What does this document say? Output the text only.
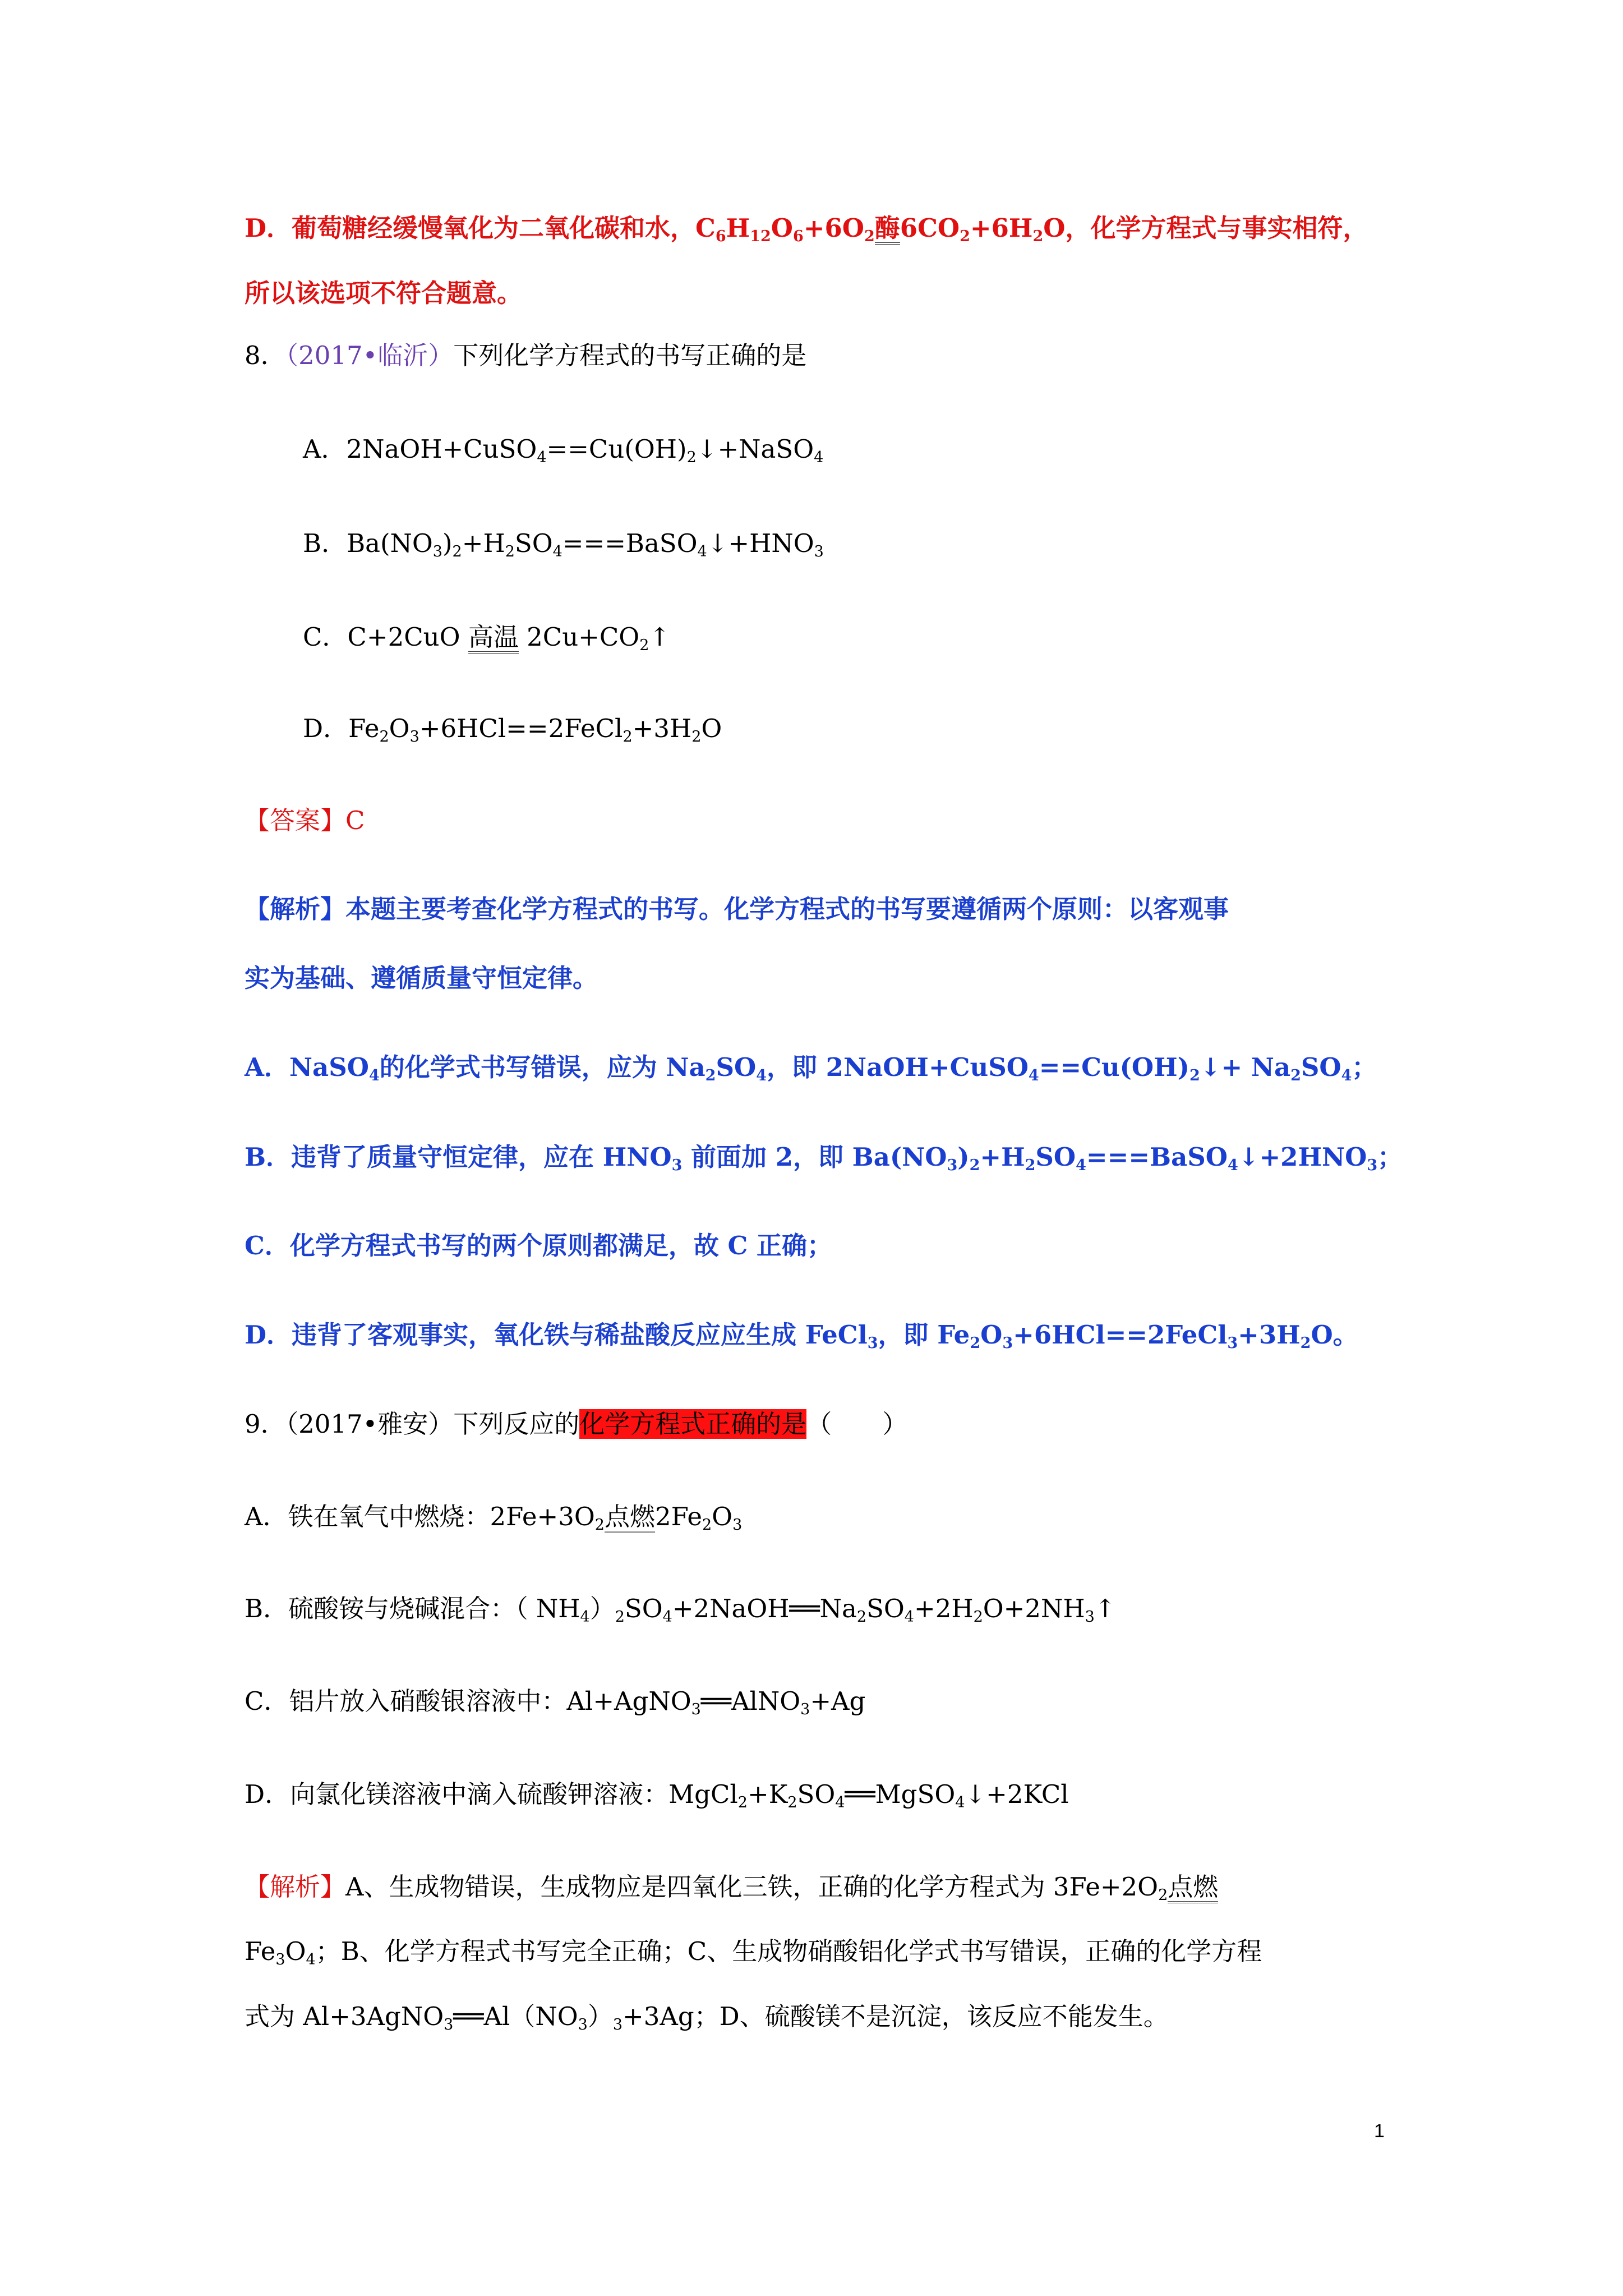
D．葡萄糖经缓慢氧化为二氧化碳和水，$C_6H_{12}O_6+6O_2$酶$6CO_2+6H_2O$，化学方程式与事实相符，
所以该选项不符合题意。
8．（2017•临沂）下列化学方程式的书写正确的是
A．$2NaOH+CuSO_4==Cu(OH)_2↓+NaSO_4$
B．$Ba(NO_3)_2+H_2SO_4===BaSO_4↓+HNO_3$
C．C+2CuO 高温 $2Cu+CO_2↑$
D．$Fe_2O_3+6HCl==2FeCl_2+3H_2O$
【答案】C
【解析】本题主要考查化学方程式的书写。化学方程式的书写要遵循两个原则：以客观事
实为基础、遵循质量守恒定律。
A．NaSO$_4$的化学式书写错误，应为 $Na_2SO_4$，即 $2NaOH+CuSO_4==Cu(OH)_2↓+ Na_2SO_4$；
B．违背了质量守恒定律，应在 $HNO_3$ 前面加 2，即 $Ba(NO_3)_2+H_2SO_4===BaSO_4↓+2HNO_3$；
C．化学方程式书写的两个原则都满足，故 C 正确；
D．违背了客观事实，氧化铁与稀盐酸反应应生成 FeCl$_3$，即 $Fe_2O_3+6HCl==2FeCl_3+3H_2O$。
9．（2017•雅安）下列反应的化学方程式正确的是（　　）
A．铁在氧气中燃烧：$2Fe+3O_2$点燃$2Fe_2O_3$
B．硫酸铵与烧碱混合：（ $NH_4)_2SO_4+2NaOH══Na_2SO_4+2H_2O+2NH_3↑$
C．铝片放入硝酸银溶液中：Al+AgNO$_3$══AlNO$_3$+Ag
D．向氯化镁溶液中滴入硫酸钾溶液：$MgCl_2+K_2SO_4══MgSO_4↓+2KCl$
【解析】A、生成物错误，生成物应是四氧化三铁，正确的化学方程式为 $3Fe+2O_2$点燃
$Fe_3O_4$；B、化学方程式书写完全正确；C、生成物硝酸铝化学式书写错误，正确的化学方程
式为 $Al+3AgNO_3══Al(NO_3)_3+3Ag$；D、硫酸镁不是沉淀，该反应不能发生。
1
